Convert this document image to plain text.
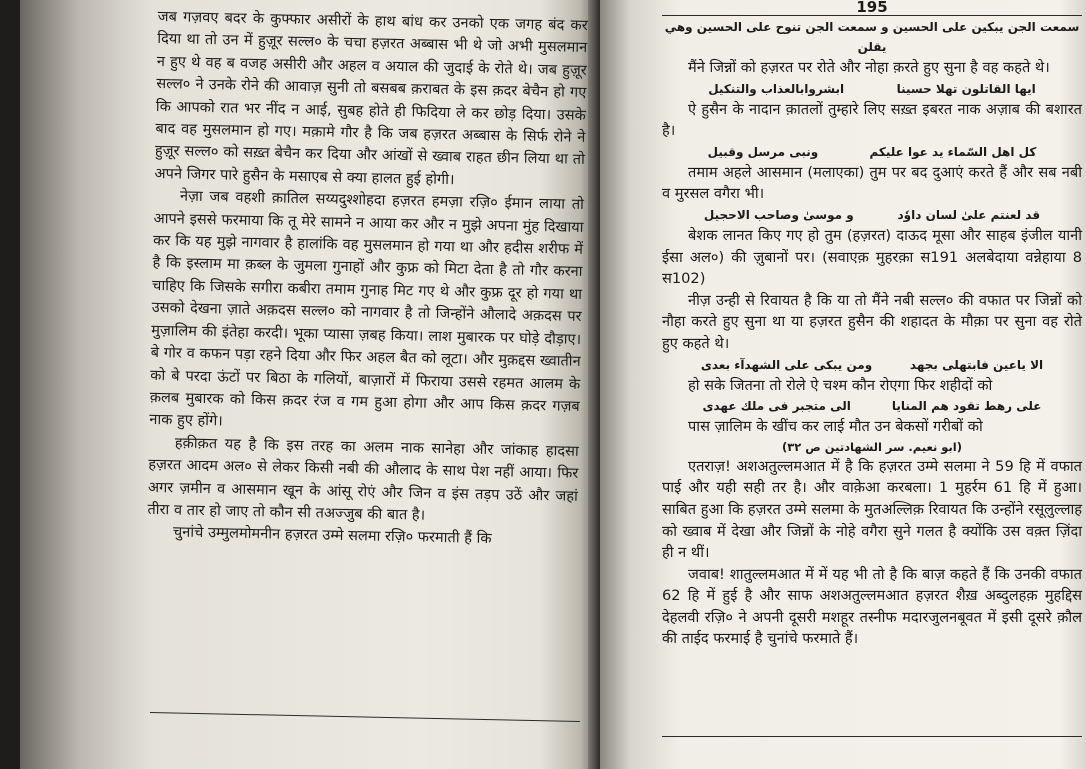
जब गज़वए बदर के कुफ्फार असीरों के हाथ बांध कर उनको एक जगह बंद कर दिया था तो उन में हुज़ूर सल्ल० के चचा हज़रत अब्बास भी थे जो अभी मुसलमान न हुए थे वह ब वजह असीरी और अहल व अयाल की जुदाई के रोते थे। जब हुज़ूर सल्ल० ने उनके रोने की आवाज़ सुनी तो बसबब क़राबत के इस क़दर बेचैन हो गए कि आपको रात भर नींद न आई, सुबह होते ही फिदिया ले कर छोड़ दिया। उसके बाद वह मुसलमान हो गए। मक़ामे गौर है कि जब हज़रत अब्बास के सिर्फ रोने ने हुज़ूर सल्ल० को सख़्त बेचैन कर दिया और आंखों से ख्वाब राहत छीन लिया था तो अपने जिगर पारे हुसैन के मसाएब से क्या हालत हुई होगी।

नेज़ा जब वहशी क़ातिल सय्यदुश्शोहदा हज़रत हमज़ा रज़ि० ईमान लाया तो आपने इससे फरमाया कि तू मेरे सामने न आया कर और न मुझे अपना मुंह दिखाया कर कि यह मुझे नागवार है हालांकि वह मुसलमान हो गया था और हदीस शरीफ में है कि इस्लाम मा क़ब्ल के जुमला गुनाहों और कुफ्र को मिटा देता है तो गौर करना चाहिए कि जिसके सगीरा कबीरा तमाम गुनाह मिट गए थे और कुफ्र दूर हो गया था उसको देखना ज़ाते अक़दस सल्ल० को नागवार है तो जिन्होंने औलादे अक़दस पर मुज़ालिम की इंतेहा करदी। भूका प्यासा ज़बह किया। लाश मुबारक पर घोड़े दौड़ाए। बे गोर व कफन पड़ा रहने दिया और फिर अहल बैत को लूटा। और मुक़द्दस ख्वातीन को बे परदा ऊंटों पर बिठा के गलियों, बाज़ारों में फिराया उससे रहमत आलम के क़लब मुबारक को किस क़दर रंज व गम हुआ होगा और आप किस क़दर गज़ब नाक हुए होंगे।

हक़ीक़त यह है कि इस तरह का अलम नाक सानेहा और जांकाह हादसा हज़रत आदम अल० से लेकर किसी नबी की औलाद के साथ पेश नहीं आया। फिर अगर ज़मीन व आसमान खून के आंसू रोएं और जिन व इंस तड़प उठें और जहां तीरा व तार हो जाए तो कौन सी तअज्जुब की बात है।

चुनांचे उम्मुलमोमनीन हज़रत उम्मे सलमा रज़ि० फरमाती हैं कि

195
سمعت الجن يبكين على الحسين و سمعت الجن تنوح على الحسين وهي يقلن

मैंने जिन्नों को हज़रत पर रोते और नोहा क़रते हुए सुना है वह कहते थे।

ايها القاتلون تهلا حسينا
ابشروابالعذاب والتنكيل

ऐ हुसैन के नादान क़ातलों तुम्हारे लिए सख़्त इबरत नाक अज़ाब की बशारत है।

كل اهل السّماء يد عوا عليكم
ونبى مرسل وقبيل

तमाम अहले आसमान (मलाएका) तुम पर बद दुआएं करते हैं और सब नबी व मुरसल वगैरा भी।

قد لعنتم علىٰ لسان داوٗد
و موسىٰ وصاحب الاحجيل

बेशक लानत किए गए हो तुम (हज़रत) दाऊद मूसा और साहब इंजील यानी ईसा अल०) की ज़ुबानों पर। (सवाएक़ मुहरक़ा स191 अलबेदाया वन्नेहाया 8 स102)

नीज़ उन्ही से रिवायत है कि या तो मैंने नबी सल्ल० की वफात पर जिन्नों को नौहा करते हुए सुना था या हज़रत हुसैन की शहादत के मौक़ा पर सुना वह रोते हुए कहते थे।

الا ياعين فابتهلى بجهد
ومن يبكى على الشهدآء بعدى

हो सके जितना तो रोले ऐ चश्म कौन रोएगा फिर शहीदों को

على رهط تقود هم المنايا
الى متجبر فى ملك عهدى

पास ज़ालिम के खींच कर लाई मौत उन बेकसों गरीबों को

(ابو نعيم. سر الشهادتين ص ٣٢)

एतराज़! अशअतुल्लमआत में है कि हज़रत उम्मे सलमा ने 59 हि में वफात पाई और यही सही तर है। और वाक़ेआ करबला। 1 मुहर्रम 61 हि में हुआ। साबित हुआ कि हज़रत उम्मे सलमा के मुतअल्लिक़ रिवायत कि उन्होंने रसूलुल्लाह को ख्वाब में देखा और जिन्नों के नोहे वगैरा सुने गलत है क्योंकि उस वक़्त ज़िंदा ही न थीं।

जवाब! शातुल्लमआत में में यह भी तो है कि बाज़ कहते हैं कि उनकी वफात 62 हि में हुई है और साफ अशअतुल्लमआत हज़रत शैख़ अब्दुलहक़ मुहद्दिस देहलवी रज़ि० ने अपनी दूसरी मशहूर तस्नीफ मदारजुलनबूवत में इसी दूसरे क़ौल की ताईद फरमाई है चुनांचे फरमाते हैं।
